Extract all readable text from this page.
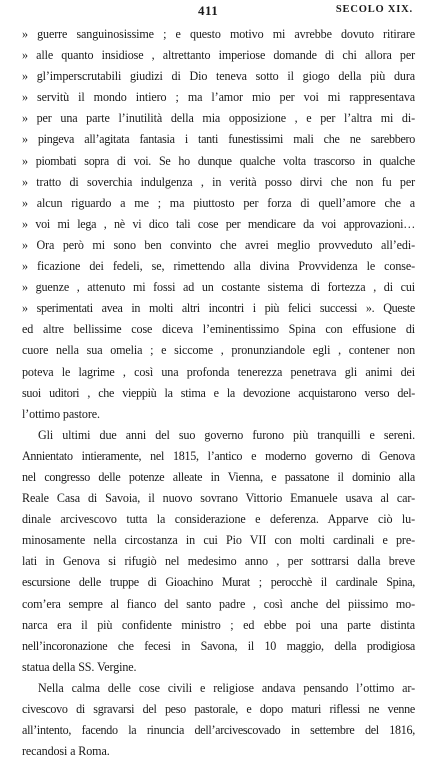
411	SECOLO XIX.
» guerre sanguinosissime ; e questo motivo mi avrebbe dovuto ritirare
» alle quanto insidiose , altrettanto imperiose domande di chi allora per
» gl’imperscrutabili giudizi di Dio teneva sotto il giogo della più dura
» servitù il mondo intiero ; ma l’amor mio per voi mi rappresentava
» per una parte l’inutilità della mia opposizione , e per l’altra mi di-
» pingeva all’agitata fantasia i tanti funestissimi mali che ne sarebbero
» piombati sopra di voi. Se ho dunque qualche volta trascorso in qualche
» tratto di soverchia indulgenza , in verità posso dirvi che non fu per
» alcun riguardo a me ; ma piuttosto per forza di quell’amore che a
» voi mi lega , nè vi dico tali cose per mendicare da voi approvazioni…
» Ora però mi sono ben convinto che avrei meglio provveduto all’edi-
» ficazione dei fedeli, se, rimettendo alla divina Provvidenza le conse-
» guenze , attenuto mi fossi ad un costante sistema di fortezza , di cui
» sperimentati avea in molti altri incontri i più felici successi ». Queste
ed altre bellissime cose diceva l’eminentissimo Spina con effusione di
cuore nella sua omelia ; e siccome , pronunziandole egli , contener non
poteva le lagrime , così una profonda tenerezza penetrava gli animi dei
suoi uditori , che vieppiù la stima e la devozione acquistarono verso del-
l’ottimo pastore.
Gli ultimi due anni del suo governo furono più tranquilli e sereni.
Annientato intieramente, nel 1815, l’antico e moderno governo di Genova
nel congresso delle potenze alleate in Vienna, e passatone il dominio alla
Reale Casa di Savoia, il nuovo sovrano Vittorio Emanuele usava al car-
dinale arcivescovo tutta la considerazione e deferenza. Apparve ciò lu-
minosamente nella circostanza in cui Pio VII con molti cardinali e pre-
lati in Genova si rifugiò nel medesimo anno , per sottrarsi dalla breve
escursione delle truppe di Gioachino Murat ; perocchè il cardinale Spina,
com’era sempre al fianco del santo padre , così anche del piissimo mo-
narca era il più confidente ministro ; ed ebbe poi una parte distinta
nell’incoronazione che fecesi in Savona, il 10 maggio, della prodigiosa
statua della SS. Vergine.
Nella calma delle cose civili e religiose andava pensando l’ottimo ar-
civescovo di sgravarsi del peso pastorale, e dopo maturi riflessi ne venne
all’intento, facendo la rinuncia dell’arcivescovado in settembre del 1816,
recandosi a Roma.
